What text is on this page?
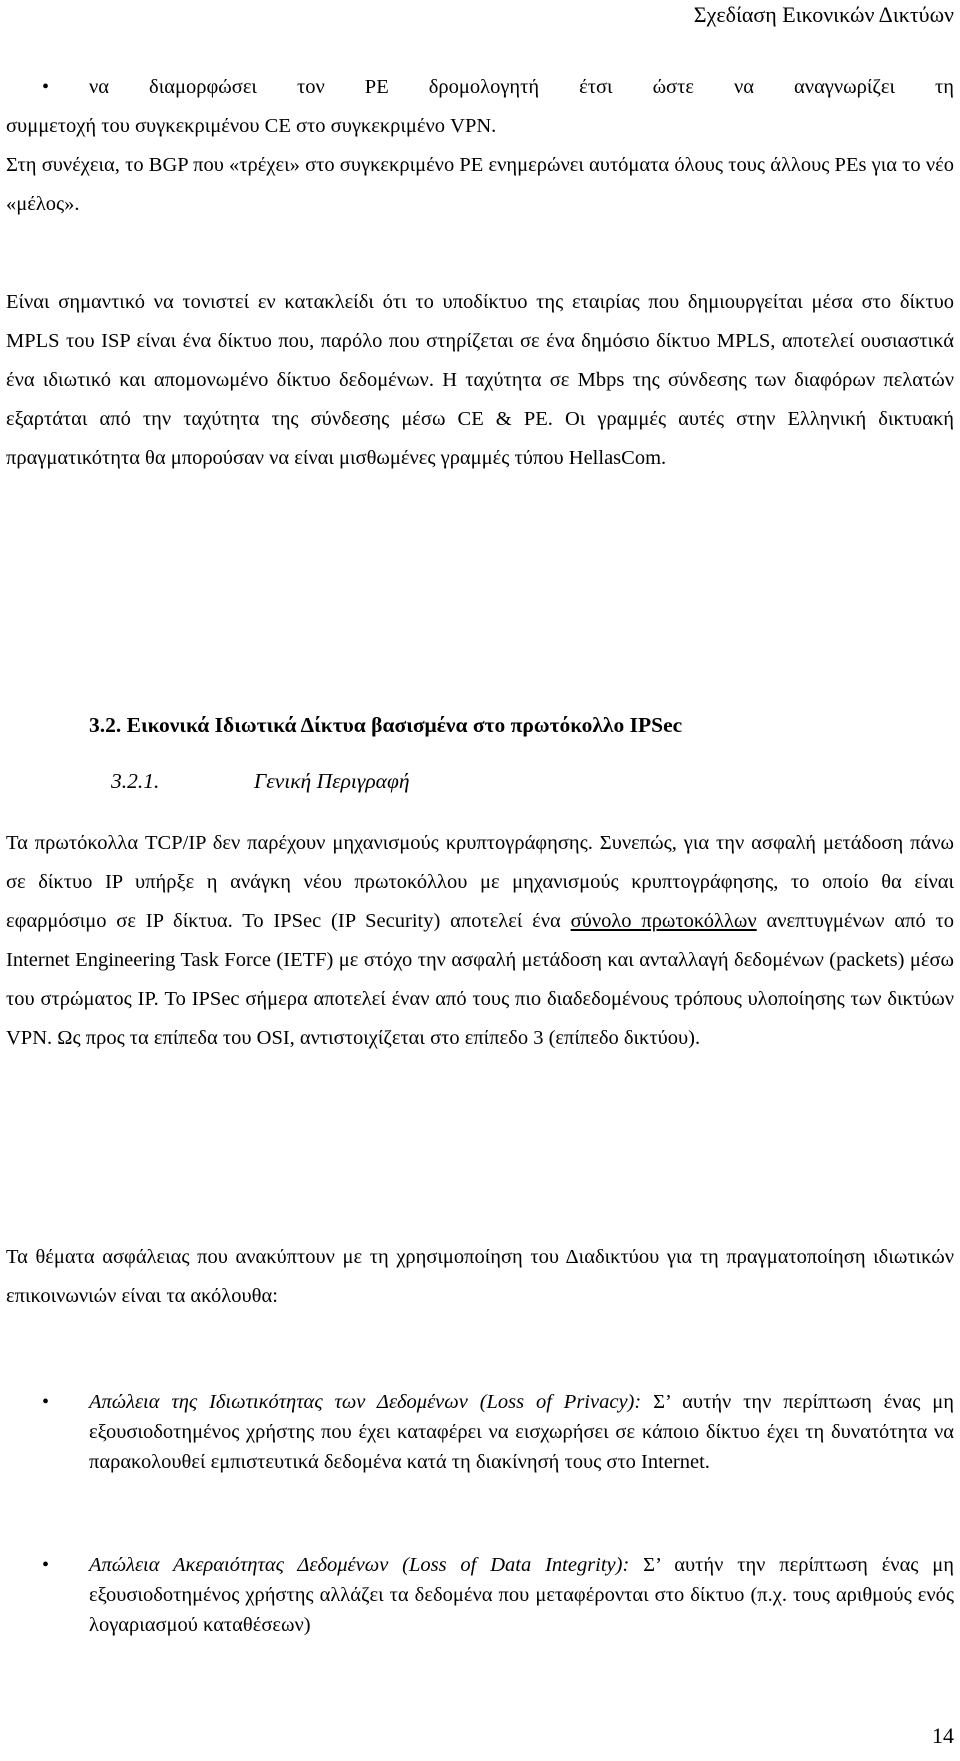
Σχεδίαση Εικονικών Δικτύων
• να διαμορφώσει τον PE δρομολογητή έτσι ώστε να αναγνωρίζει τη
συμμετοχή του συγκεκριμένου CE στο συγκεκριμένο VPN.

Στη συνέχεια, το BGP που «τρέχει» στο συγκεκριμένο PE ενημερώνει αυτόματα όλους τους άλλους PEs για το νέο «μέλος».

Είναι σημαντικό να τονιστεί εν κατακλείδι ότι το υποδίκτυο της εταιρίας που δημιουργείται μέσα στο δίκτυο MPLS του ISP είναι ένα δίκτυο που, παρόλο που στηρίζεται σε ένα δημόσιο δίκτυο MPLS, αποτελεί ουσιαστικά ένα ιδιωτικό και απομονωμένο δίκτυο δεδομένων. Η ταχύτητα σε Mbps της σύνδεσης των διαφόρων πελατών εξαρτάται από την ταχύτητα της σύνδεσης μέσω CE & PE. Οι γραμμές αυτές στην Ελληνική δικτυακή πραγματικότητα θα μπορούσαν να είναι μισθωμένες γραμμές τύπου HellasCom.

3.2. Εικονικά Ιδιωτικά Δίκτυα βασισμένα στο πρωτόκολλο IPSec
3.2.1.	Γενική Περιγραφή

Τα πρωτόκολλα TCP/IP δεν παρέχουν μηχανισμούς κρυπτογράφησης. Συνεπώς, για την ασφαλή μετάδοση πάνω σε δίκτυο IP υπήρξε η ανάγκη νέου πρωτοκόλλου με μηχανισμούς κρυπτογράφησης, το οποίο θα είναι εφαρμόσιμο σε IP δίκτυα. Το IPSec (IP Security) αποτελεί ένα σύνολο πρωτοκόλλων ανεπτυγμένων από το Internet Engineering Task Force (IETF) με στόχο την ασφαλή μετάδοση και ανταλλαγή δεδομένων (packets) μέσω του στρώματος IP. Το IPSec σήμερα αποτελεί έναν από τους πιο διαδεδομένους τρόπους υλοποίησης των δικτύων VPN. Ως προς τα επίπεδα του OSI, αντιστοιχίζεται στο επίπεδο 3 (επίπεδο δικτύου).

Τα θέματα ασφάλειας που ανακύπτουν με τη χρησιμοποίηση του Διαδικτύου για τη πραγματοποίηση ιδιωτικών επικοινωνιών είναι τα ακόλουθα:

• Απώλεια της Ιδιωτικότητας των Δεδομένων (Loss of Privacy): Σ’ αυτήν την περίπτωση ένας μη εξουσιοδοτημένος χρήστης που έχει καταφέρει να εισχωρήσει σε κάποιο δίκτυο έχει τη δυνατότητα να παρακολουθεί εμπιστευτικά δεδομένα κατά τη διακίνησή τους στο Internet.
• Απώλεια Ακεραιότητας Δεδομένων (Loss of Data Integrity): Σ’ αυτήν την περίπτωση ένας μη εξουσιοδοτημένος χρήστης αλλάζει τα δεδομένα που μεταφέρονται στο δίκτυο (π.χ. τους αριθμούς ενός λογαριασμού καταθέσεων)
14
